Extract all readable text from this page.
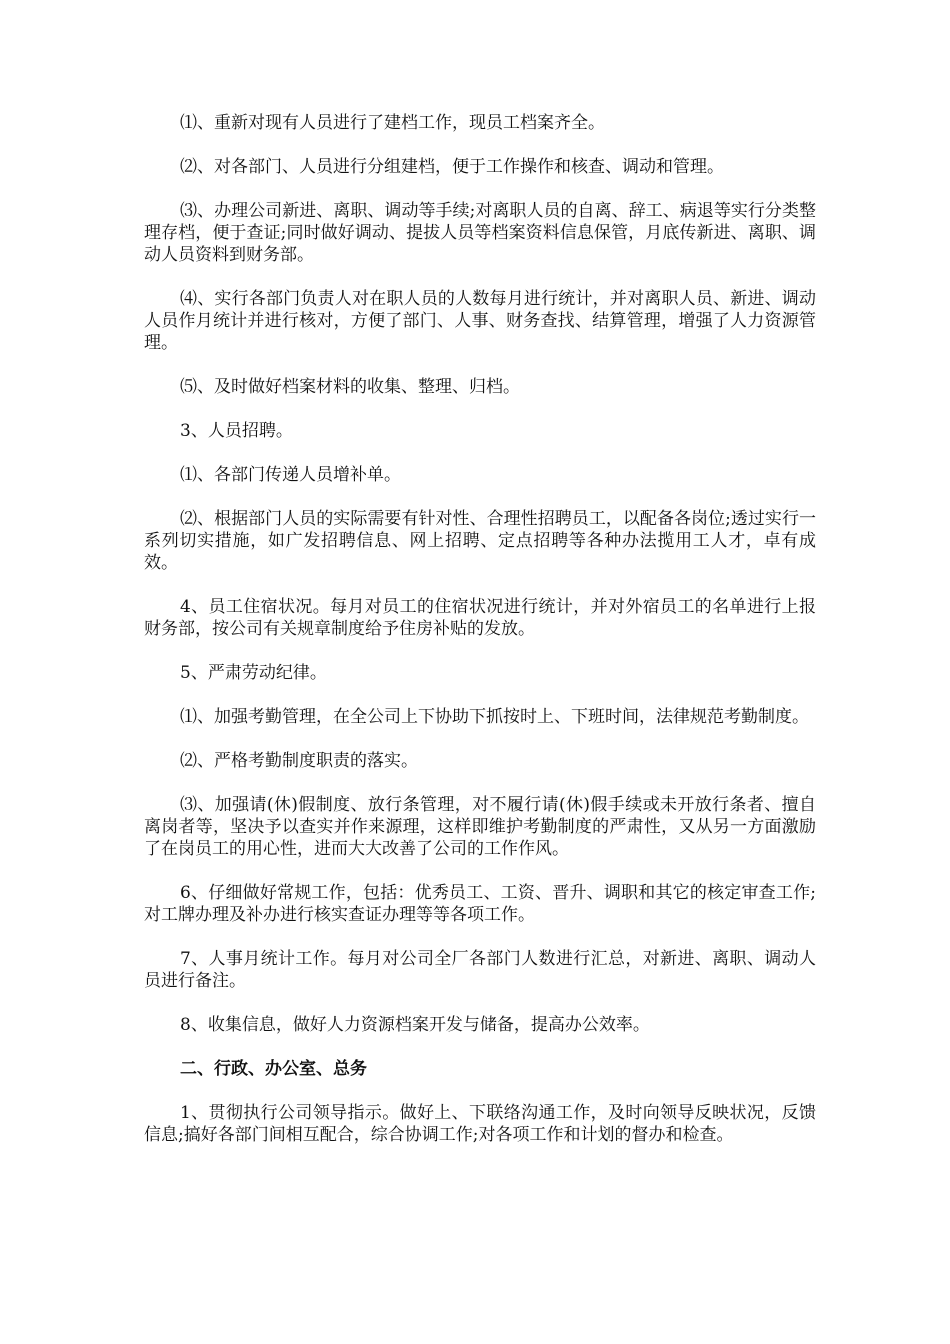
⑴、重新对现有人员进行了建档工作，现员工档案齐全。

⑵、对各部门、人员进行分组建档，便于工作操作和核查、调动和管理。

⑶、办理公司新进、离职、调动等手续;对离职人员的自离、辞工、病退等实行分类整理存档，便于查证;同时做好调动、提拔人员等档案资料信息保管，月底传新进、离职、调动人员资料到财务部。

⑷、实行各部门负责人对在职人员的人数每月进行统计，并对离职人员、新进、调动人员作月统计并进行核对，方便了部门、人事、财务查找、结算管理，增强了人力资源管理。

⑸、及时做好档案材料的收集、整理、归档。

3、人员招聘。

⑴、各部门传递人员增补单。

⑵、根据部门人员的实际需要有针对性、合理性招聘员工，以配备各岗位;透过实行一系列切实措施，如广发招聘信息、网上招聘、定点招聘等各种办法揽用工人才，卓有成效。

4、员工住宿状况。每月对员工的住宿状况进行统计，并对外宿员工的名单进行上报财务部，按公司有关规章制度给予住房补贴的发放。

5、严肃劳动纪律。

⑴、加强考勤管理，在全公司上下协助下抓按时上、下班时间，法律规范考勤制度。

⑵、严格考勤制度职责的落实。

⑶、加强请(休)假制度、放行条管理，对不履行请(休)假手续或未开放行条者、擅自离岗者等，坚决予以查实并作来源理，这样即维护考勤制度的严肃性，又从另一方面激励了在岗员工的用心性，进而大大改善了公司的工作作风。

6、仔细做好常规工作，包括：优秀员工、工资、晋升、调职和其它的核定审查工作;对工牌办理及补办进行核实查证办理等等各项工作。

7、人事月统计工作。每月对公司全厂各部门人数进行汇总，对新进、离职、调动人员进行备注。

8、收集信息，做好人力资源档案开发与储备，提高办公效率。

二、行政、办公室、总务

1、贯彻执行公司领导指示。做好上、下联络沟通工作，及时向领导反映状况，反馈信息;搞好各部门间相互配合，综合协调工作;对各项工作和计划的督办和检查。
